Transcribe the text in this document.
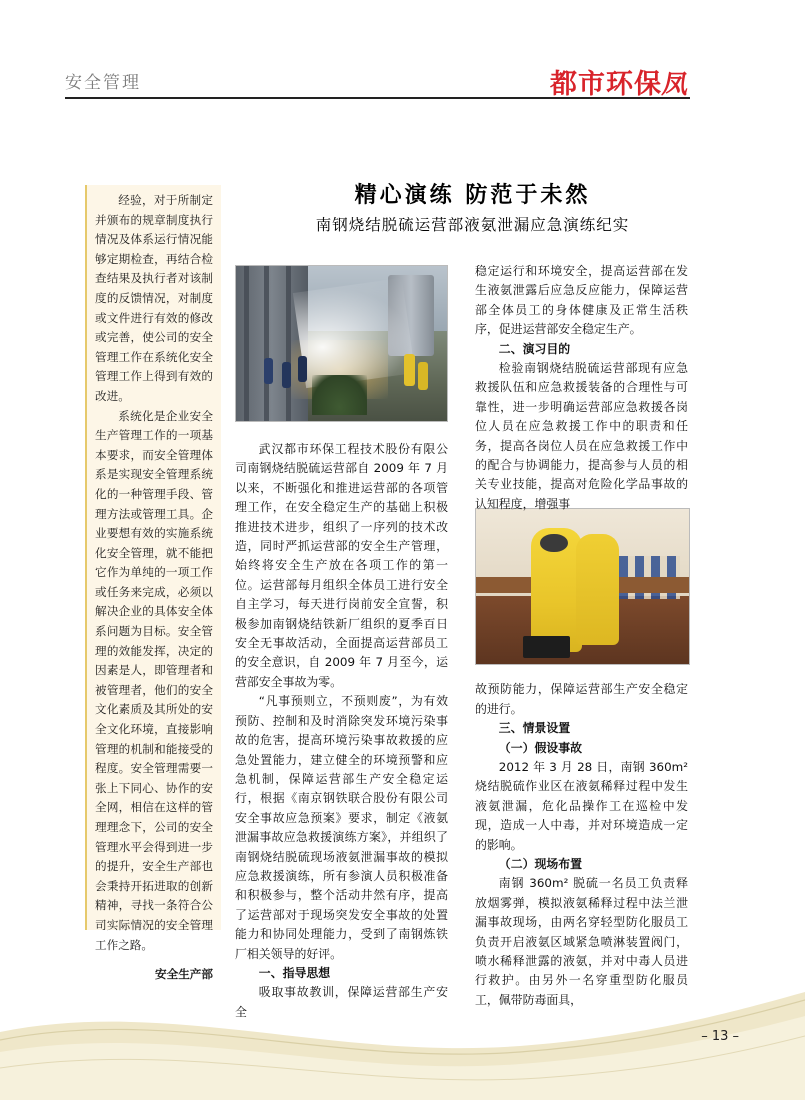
安全管理	都市环保凤
精心演练 防范于未然
南钢烧结脱硫运营部液氨泄漏应急演练纪实

经验，对于所制定并颁布的规章制度执行情况及体系运行情况能够定期检查，再结合检查结果及执行者对该制度的反馈情况，对制度或文件进行有效的修改或完善，使公司的安全管理工作在系统化安全管理工作上得到有效的改进。

系统化是企业安全生产管理工作的一项基本要求，而安全管理体系是实现安全管理系统化的一种管理手段、管理方法或管理工具。企业要想有效的实施系统化安全管理，就不能把它作为单纯的一项工作或任务来完成，必须以解决企业的具体安全体系问题为目标。安全管理的效能发挥，决定的因素是人，即管理者和被管理者，他们的安全文化素质及其所处的安全文化环境，直接影响管理的机制和能接受的程度。安全管理需要一张上下同心、协作的安全网，相信在这样的管理理念下，公司的安全管理水平会得到进一步的提升，安全生产部也会秉持开拓进取的创新精神，寻找一条符合公司实际情况的安全管理工作之路。

安全生产部

武汉都市环保工程技术股份有限公司南钢烧结脱硫运营部自 2009 年 7 月以来，不断强化和推进运营部的各项管理工作，在安全稳定生产的基础上积极推进技术进步，组织了一序列的技术改造，同时严抓运营部的安全生产管理，始终将安全生产放在各项工作的第一位。运营部每月组织全体员工进行安全自主学习，每天进行岗前安全宣誓，积极参加南钢烧结铁新厂组织的夏季百日安全无事故活动，全面提高运营部员工的安全意识，自 2009 年 7 月至今，运营部安全事故为零。

“凡事预则立，不预则废”，为有效预防、控制和及时消除突发环境污染事故的危害，提高环境污染事故救援的应急处置能力，建立健全的环境预警和应急机制，保障运营部生产安全稳定运行，根据《南京钢铁联合股份有限公司安全事故应急预案》要求，制定《液氨泄漏事故应急救援演练方案》，并组织了南钢烧结脱硫现场液氨泄漏事故的模拟应急救援演练，所有参演人员积极准备和积极参与，整个活动井然有序，提高了运营部对于现场突发安全事故的处置能力和协同处理能力，受到了南钢炼铁厂相关领导的好评。

一、指导思想

吸取事故教训，保障运营部生产安全

稳定运行和环境安全，提高运营部在发生液氨泄露后应急反应能力，保障运营部全体员工的身体健康及正常生活秩序，促进运营部安全稳定生产。

二、演习目的

检验南钢烧结脱硫运营部现有应急救援队伍和应急救援装备的合理性与可靠性，进一步明确运营部应急救援各岗位人员在应急救援工作中的职责和任务，提高各岗位人员在应急救援工作中的配合与协调能力，提高参与人员的相关专业技能，提高对危险化学品事故的认知程度，增强事

故预防能力，保障运营部生产安全稳定的进行。

三、情景设置

（一）假设事故

2012 年 3 月 28 日，南钢 360m² 烧结脱硫作业区在液氨稀释过程中发生液氨泄漏，危化品操作工在巡检中发现，造成一人中毒，并对环境造成一定的影响。

（二）现场布置

南钢 360m² 脱硫一名员工负责释放烟雾弹，模拟液氨稀释过程中法兰泄漏事故现场，由两名穿轻型防化服员工负责开启液氨区域紧急喷淋装置阀门，喷水稀释泄露的液氨，并对中毒人员进行救护。由另外一名穿重型防化服员工，佩带防毒面具，

– 13 –
